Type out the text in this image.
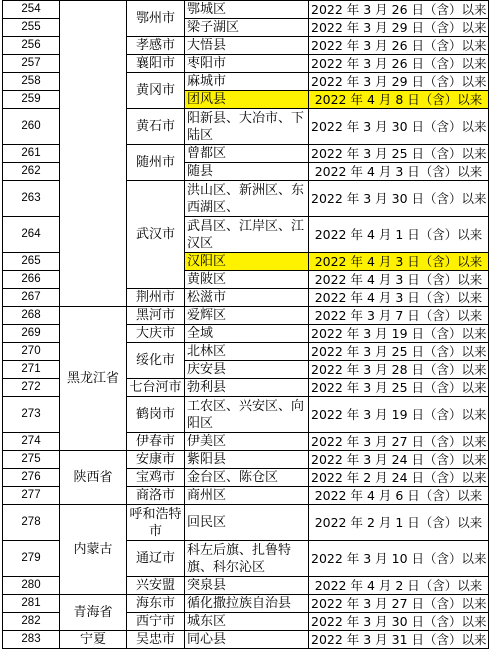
254		鄂州市	鄂城区	2022 年 3 月 26 日（含）以来
255			梁子湖区	2022 年 3 月 29 日（含）以来
256		孝感市	大悟县	2022 年 3 月 26 日（含）以来
257		襄阳市	枣阳市	2022 年 3 月 26 日（含）以来
258		黄冈市	麻城市	2022 年 3 月 29 日（含）以来
259			团风县	2022 年 4 月 8 日（含）以来
260		黄石市	阳新县、大冶市、下陆区	2022 年 3 月 30 日（含）以来
261		随州市	曾都区	2022 年 3 月 25 日（含）以来
262			随县	2022 年 4 月 3 日（含）以来
263		武汉市	洪山区、新洲区、东西湖区、	2022 年 3 月 30 日（含）以来
264			武昌区、江岸区、江汉区	2022 年 4 月 1 日（含）以来
265			汉阳区	2022 年 4 月 3 日（含）以来
266			黄陂区	2022 年 4 月 3 日（含）以来
267		荆州市	松滋市	2022 年 4 月 3 日（含）以来
268	黑龙江省	黑河市	爱辉区	2022 年 3 月 7 日（含）以来
269		大庆市	全域	2022 年 3 月 19 日（含）以来
270		绥化市	北林区	2022 年 3 月 25 日（含）以来
271			庆安县	2022 年 3 月 28 日（含）以来
272		七台河市	勃利县	2022 年 3 月 25 日（含）以来
273		鹤岗市	工农区、兴安区、向阳区	2022 年 3 月 19 日（含）以来
274		伊春市	伊美区	2022 年 3 月 27 日（含）以来
275	陕西省	安康市	紫阳县	2022 年 3 月 24 日（含）以来
276		宝鸡市	金台区、陈仓区	2022 年 2 月 24 日（含）以来
277		商洛市	商州区	2022 年 4 月 6 日（含）以来
278	内蒙古	呼和浩特市	回民区	2022 年 2 月 1 日（含）以来
279		通辽市	科左后旗、扎鲁特旗、科尔沁区	2022 年 3 月 10 日（含）以来
280		兴安盟	突泉县	2022 年 4 月 2 日（含）以来
281	青海省	海东市	循化撒拉族自治县	2022 年 3 月 27 日（含）以来
282		西宁市	城东区	2022 年 3 月 30 日（含）以来
283	宁夏	吴忠市	同心县	2022 年 3 月 31 日（含）以来
